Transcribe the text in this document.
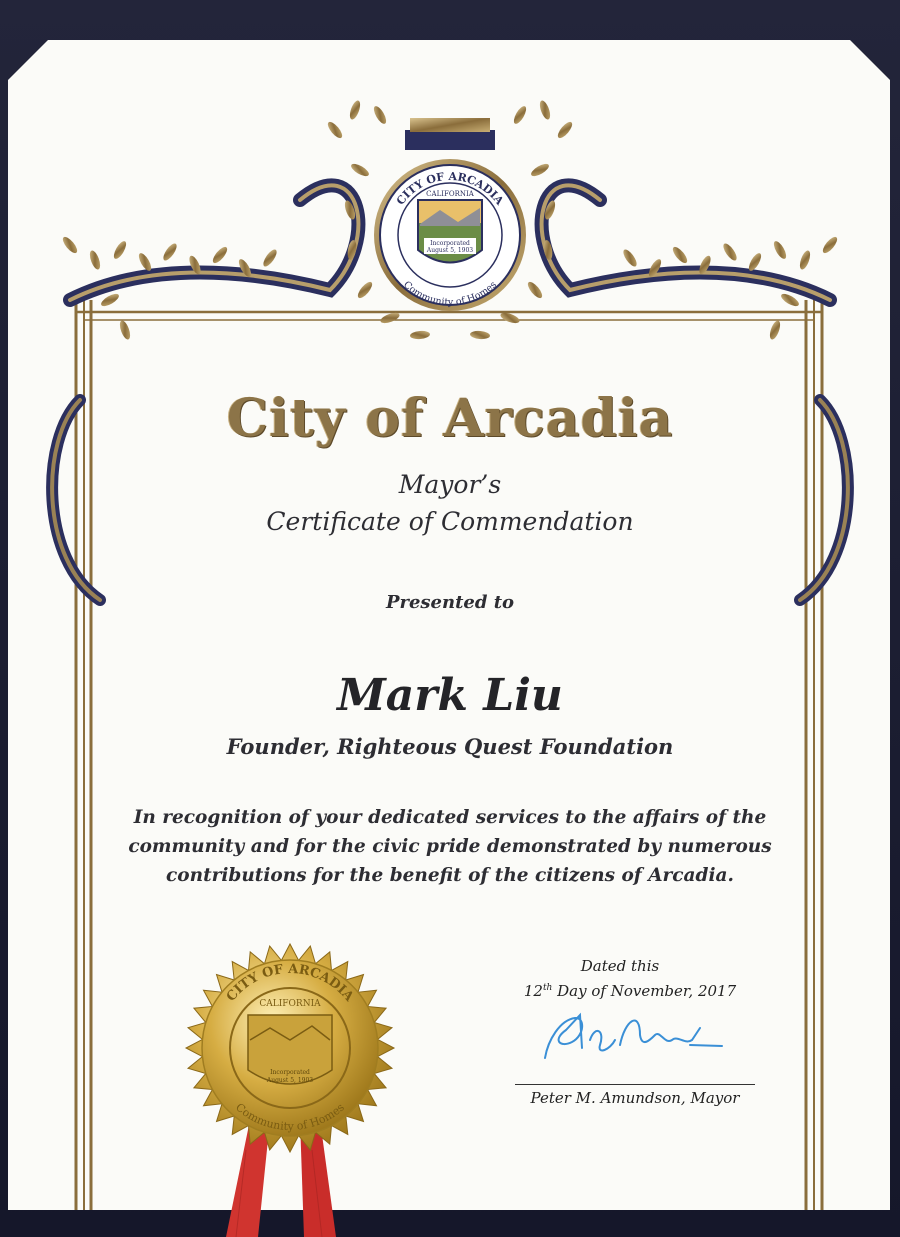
Incorporated
August 5, 1903
CITY OF ARCADIA
CALIFORNIA
Community of Homes
City of Arcadia

Mayor’s

Certificate of Commendation

Presented to

Mark Liu

Founder, Righteous Quest Foundation

In recognition of your dedicated services to the affairs of the community and for the civic pride demonstrated by numerous contributions for the benefit of the citizens of Arcadia.

CITY OF ARCADIA
CALIFORNIA
Incorporated
August 5, 1903
Community of Homes

Dated this

12th Day of November, 2017

Peter M. Amundson, Mayor
